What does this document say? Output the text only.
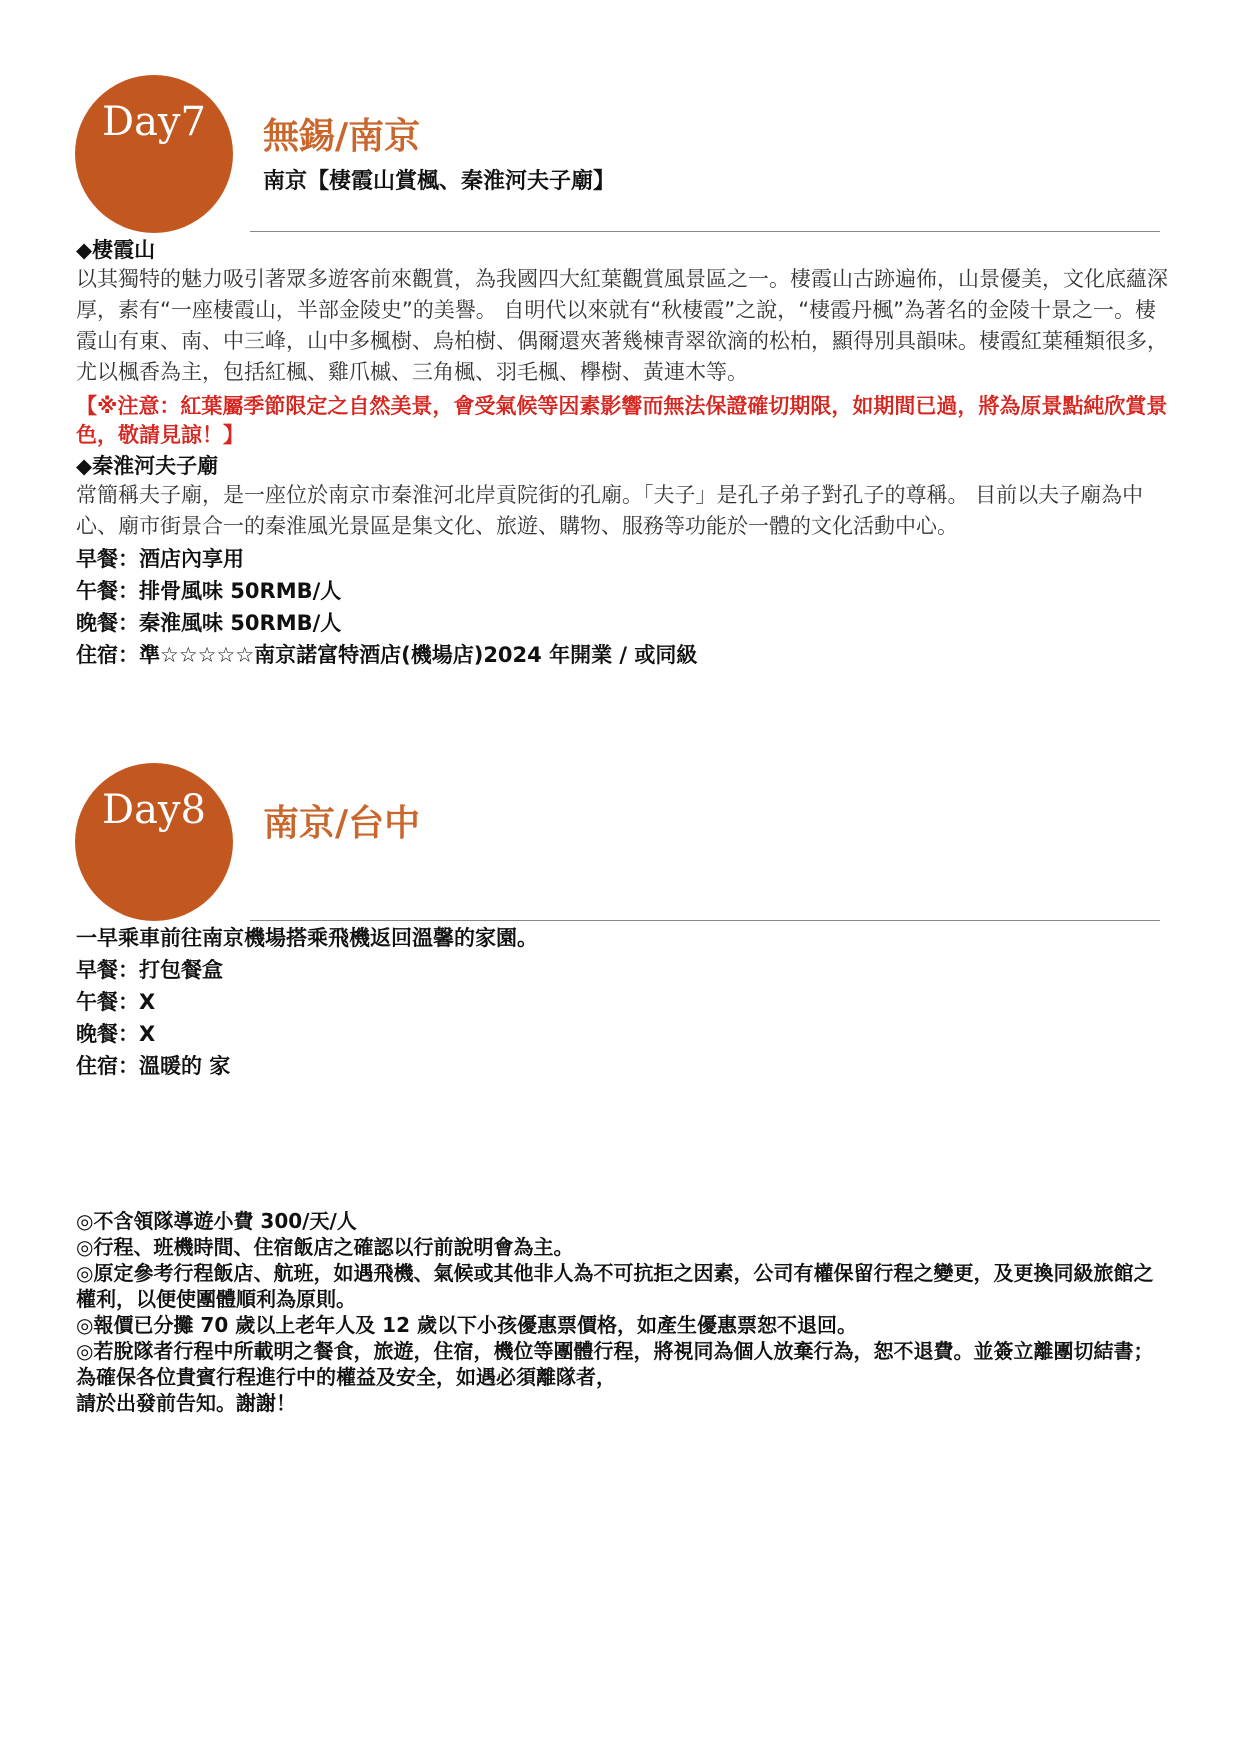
Day7	無錫/南京
南京【棲霞山賞楓、秦淮河夫子廟】
◆棲霞山

以其獨特的魅力吸引著眾多遊客前來觀賞，為我國四大紅葉觀賞風景區之一。棲霞山古跡遍佈，山景優美，文化底蘊深厚，素有“一座棲霞山，半部金陵史”的美譽。 自明代以來就有“秋棲霞”之說，“棲霞丹楓”為著名的金陵十景之一。棲霞山有東、南、中三峰，山中多楓樹、烏柏樹、偶爾還夾著幾棟青翠欲滴的松柏，顯得別具韻味。棲霞紅葉種類很多，尤以楓香為主，包括紅楓、雞爪槭、三角楓、羽毛楓、欅樹、黃連木等。

【※注意：紅葉屬季節限定之自然美景，會受氣候等因素影響而無法保證確切期限，如期間已過，將為原景點純欣賞景色，敬請見諒！】

◆秦淮河夫子廟

常簡稱夫子廟，是一座位於南京市秦淮河北岸貢院街的孔廟。「夫子」是孔子弟子對孔子的尊稱。 目前以夫子廟為中心、廟市街景合一的秦淮風光景區是集文化、旅遊、購物、服務等功能於一體的文化活動中心。

早餐：酒店內享用
午餐：排骨風味 50RMB/人
晚餐：秦淮風味 50RMB/人
住宿：準☆☆☆☆☆南京諾富特酒店(機場店)2024 年開業 / 或同級
Day8	南京/台中
一早乘車前往南京機場搭乘飛機返回溫馨的家園。
早餐：打包餐盒
午餐：X
晚餐：X
住宿：溫暖的 家

◎不含領隊導遊小費 300/天/人

◎行程、班機時間、住宿飯店之確認以行前說明會為主。

◎原定參考行程飯店、航班，如遇飛機、氣候或其他非人為不可抗拒之因素，公司有權保留行程之變更，及更換同級旅館之權利，以便使團體順利為原則。

◎報價已分攤 70 歲以上老年人及 12 歲以下小孩優惠票價格，如產生優惠票恕不退回。

◎若脫隊者行程中所載明之餐食，旅遊，住宿，機位等團體行程，將視同為個人放棄行為，恕不退費。並簽立離團切結書；為確保各位貴賓行程進行中的權益及安全，如遇必須離隊者，

請於出發前告知。謝謝！
